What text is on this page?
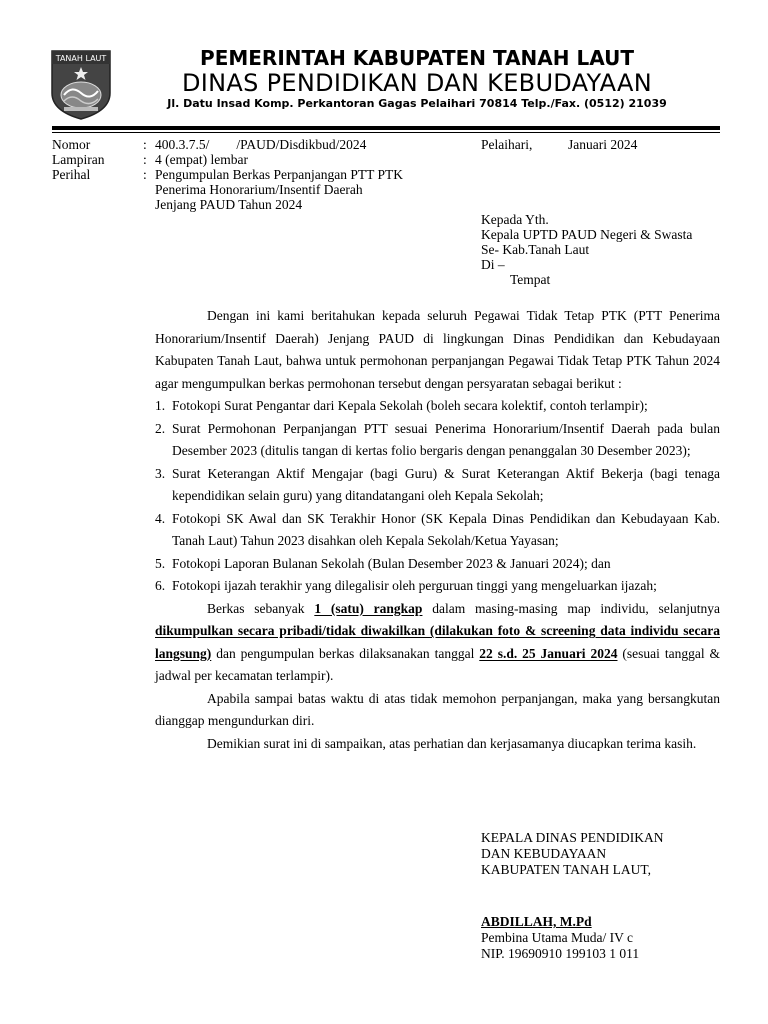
TANAH LAUT	PEMERINTAH KABUPATEN TANAH LAUT
DINAS PENDIDIKAN DAN KEBUDAYAAN
Jl. Datu Insad Komp. Perkantoran Gagas Pelaihari 70814 Telp./Fax. (0512) 21039
Nomor	: 400.3.7.5/        /PAUD/Disdikbud/2024
Lampiran	: 4 (empat) lembar
Perihal	: Pengumpulan Berkas Perpanjangan PTT PTK
Penerima Honorarium/Insentif Daerah
Jenjang PAUD Tahun 2024
Pelaihari,	Januari 2024
Kepada Yth.
Kepala UPTD PAUD Negeri & Swasta
Se- Kab.Tanah Laut
Di –
Tempat
Dengan ini kami beritahukan kepada seluruh Pegawai Tidak Tetap PTK (PTT Penerima Honorarium/Insentif Daerah) Jenjang PAUD di lingkungan Dinas Pendidikan dan Kebudayaan Kabupaten Tanah Laut, bahwa untuk permohonan perpanjangan Pegawai Tidak Tetap PTK Tahun 2024 agar mengumpulkan berkas permohonan tersebut dengan persyaratan sebagai berikut :
1. Fotokopi Surat Pengantar dari Kepala Sekolah (boleh secara kolektif, contoh terlampir);
2. Surat Permohonan Perpanjangan PTT sesuai Penerima Honorarium/Insentif Daerah pada bulan Desember 2023 (ditulis tangan di kertas folio bergaris dengan penanggalan 30 Desember 2023);
3. Surat Keterangan Aktif Mengajar (bagi Guru) & Surat Keterangan Aktif Bekerja (bagi tenaga kependidikan selain guru) yang ditandatangani oleh Kepala Sekolah;
4. Fotokopi SK Awal dan SK Terakhir Honor (SK Kepala Dinas Pendidikan dan Kebudayaan Kab. Tanah Laut) Tahun 2023 disahkan oleh Kepala Sekolah/Ketua Yayasan;
5. Fotokopi Laporan Bulanan Sekolah (Bulan Desember 2023 & Januari 2024); dan
6. Fotokopi ijazah terakhir yang dilegalisir oleh perguruan tinggi yang mengeluarkan ijazah;
Berkas sebanyak 1 (satu) rangkap dalam masing-masing map individu, selanjutnya dikumpulkan secara pribadi/tidak diwakilkan (dilakukan foto & screening data individu secara langsung) dan pengumpulan berkas dilaksanakan tanggal 22 s.d. 25 Januari 2024 (sesuai tanggal & jadwal per kecamatan terlampir).
Apabila sampai batas waktu di atas tidak memohon perpanjangan, maka yang bersangkutan dianggap mengundurkan diri.
Demikian surat ini di sampaikan, atas perhatian dan kerjasamanya diucapkan terima kasih.
KEPALA DINAS PENDIDIKAN
DAN KEBUDAYAAN
KABUPATEN TANAH LAUT,
ABDILLAH, M.Pd
Pembina Utama Muda/ IV c
NIP. 19690910 199103 1 011
